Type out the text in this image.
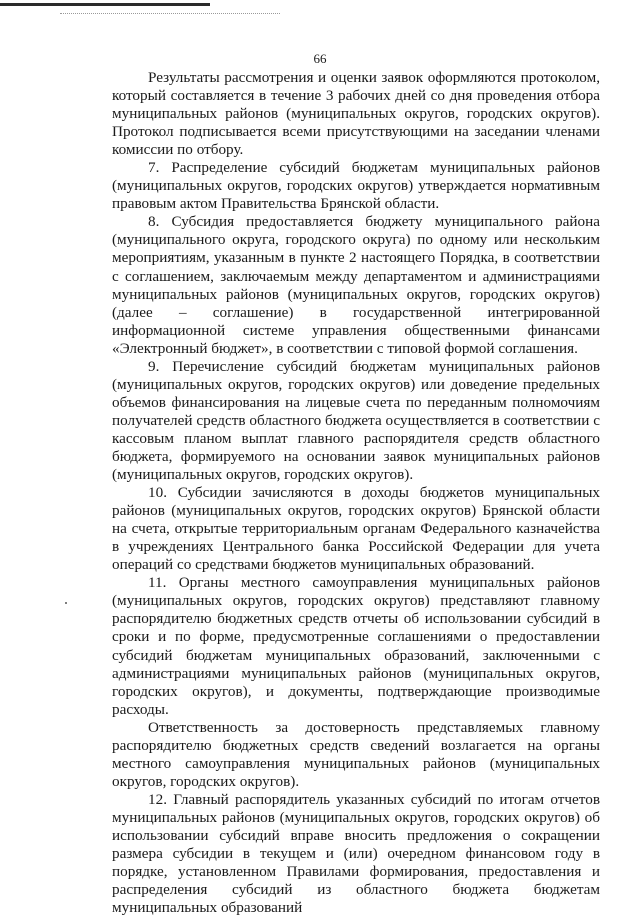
66

Результаты рассмотрения и оценки заявок оформляются протоколом, который составляется в течение 3 рабочих дней со дня проведения отбора муниципальных районов (муниципальных округов, городских округов). Протокол подписывается всеми присутствующими на заседании членами комиссии по отбору.

7. Распределение субсидий бюджетам муниципальных районов (муниципальных округов, городских округов) утверждается нормативным правовым актом Правительства Брянской области.

8. Субсидия предоставляется бюджету муниципального района (муниципального округа, городского округа) по одному или нескольким мероприятиям, указанным в пункте 2 настоящего Порядка, в соответствии с соглашением, заключаемым между департаментом и администрациями муниципальных районов (муниципальных округов, городских округов) (далее – соглашение) в государственной интегрированной информационной системе управления общественными финансами «Электронный бюджет», в соответствии с типовой формой соглашения.

9. Перечисление субсидий бюджетам муниципальных районов (муниципальных округов, городских округов) или доведение предельных объемов финансирования на лицевые счета по переданным полномочиям получателей средств областного бюджета осуществляется в соответствии с кассовым планом выплат главного распорядителя средств областного бюджета, формируемого на основании заявок муниципальных районов (муниципальных округов, городских округов).

10. Субсидии зачисляются в доходы бюджетов муниципальных районов (муниципальных округов, городских округов) Брянской области на счета, открытые территориальным органам Федерального казначейства в учреждениях Центрального банка Российской Федерации для учета операций со средствами бюджетов муниципальных образований.

11. Органы местного самоуправления муниципальных районов (муниципальных округов, городских округов) представляют главному распорядителю бюджетных средств отчеты об использовании субсидий в сроки и по форме, предусмотренные соглашениями о предоставлении субсидий бюджетам муниципальных образований, заключенными с администрациями муниципальных районов (муниципальных округов, городских округов), и документы, подтверждающие производимые расходы.

Ответственность за достоверность представляемых главному распорядителю бюджетных средств сведений возлагается на органы местного самоуправления муниципальных районов (муниципальных округов, городских округов).

12. Главный распорядитель указанных субсидий по итогам отчетов муниципальных районов (муниципальных округов, городских округов) об использовании субсидий вправе вносить предложения о сокращении размера субсидии в текущем и (или) очередном финансовом году в порядке, установленном Правилами формирования, предоставления и распределения субсидий из областного бюджета бюджетам муниципальных образований
